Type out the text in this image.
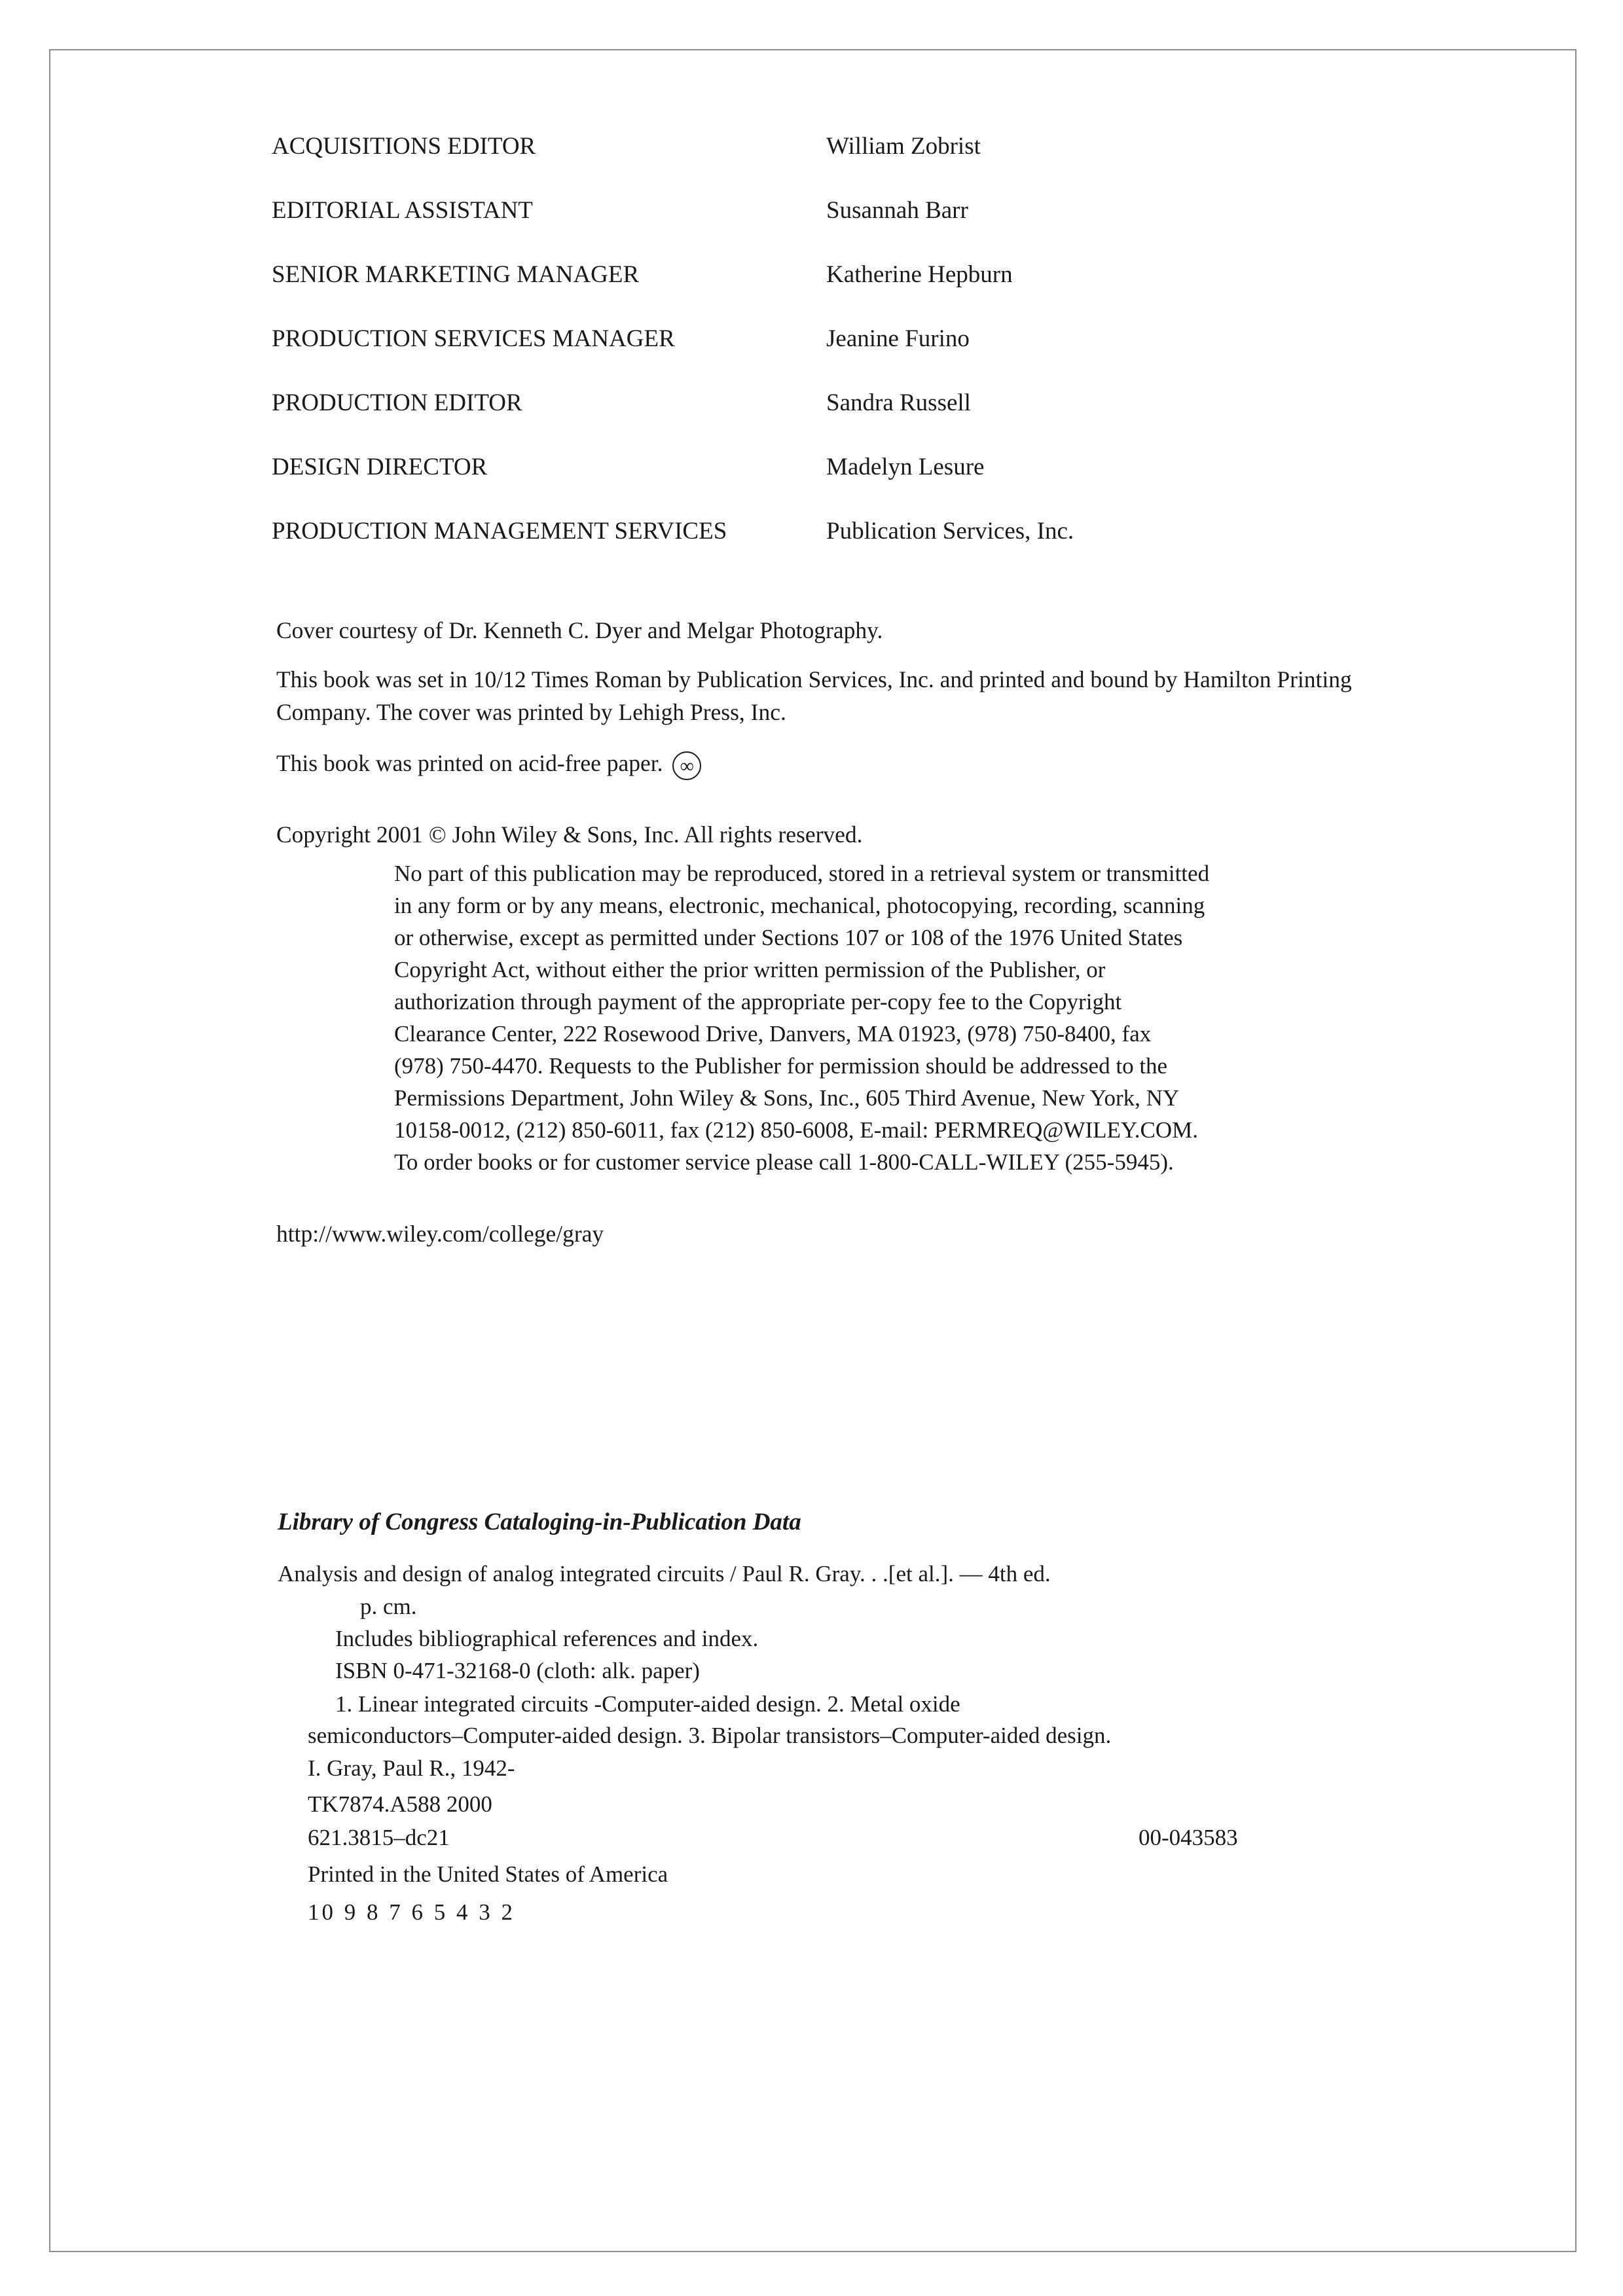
ACQUISITIONS EDITOR	William Zobrist
EDITORIAL ASSISTANT	Susannah Barr
SENIOR MARKETING MANAGER	Katherine Hepburn
PRODUCTION SERVICES MANAGER	Jeanine Furino
PRODUCTION EDITOR	Sandra Russell
DESIGN DIRECTOR	Madelyn Lesure
PRODUCTION MANAGEMENT SERVICES	Publication Services, Inc.
Cover courtesy of Dr. Kenneth C. Dyer and Melgar Photography.
This book was set in 10/12 Times Roman by Publication Services, Inc. and printed and bound by Hamilton Printing Company. The cover was printed by Lehigh Press, Inc.
This book was printed on acid-free paper. ∞
Copyright 2001 © John Wiley & Sons, Inc. All rights reserved.
No part of this publication may be reproduced, stored in a retrieval system or transmitted
in any form or by any means, electronic, mechanical, photocopying, recording, scanning
or otherwise, except as permitted under Sections 107 or 108 of the 1976 United States
Copyright Act, without either the prior written permission of the Publisher, or
authorization through payment of the appropriate per-copy fee to the Copyright
Clearance Center, 222 Rosewood Drive, Danvers, MA 01923, (978) 750-8400, fax
(978) 750-4470. Requests to the Publisher for permission should be addressed to the
Permissions Department, John Wiley & Sons, Inc., 605 Third Avenue, New York, NY
10158-0012, (212) 850-6011, fax (212) 850-6008, E-mail: PERMREQ@WILEY.COM.
To order books or for customer service please call 1-800-CALL-WILEY (255-5945).
http://www.wiley.com/college/gray
Library of Congress Cataloging-in-Publication Data
Analysis and design of analog integrated circuits / Paul R. Gray. . .[et al.]. — 4th ed.
p. cm.
Includes bibliographical references and index.
ISBN 0-471-32168-0 (cloth: alk. paper)
1. Linear integrated circuits -Computer-aided design. 2. Metal oxide
semiconductors–Computer-aided design. 3. Bipolar transistors–Computer-aided design.
I. Gray, Paul R., 1942-
TK7874.A588 2000
621.3815–dc21	00-043583
Printed in the United States of America
10 9 8 7 6 5 4 3 2
